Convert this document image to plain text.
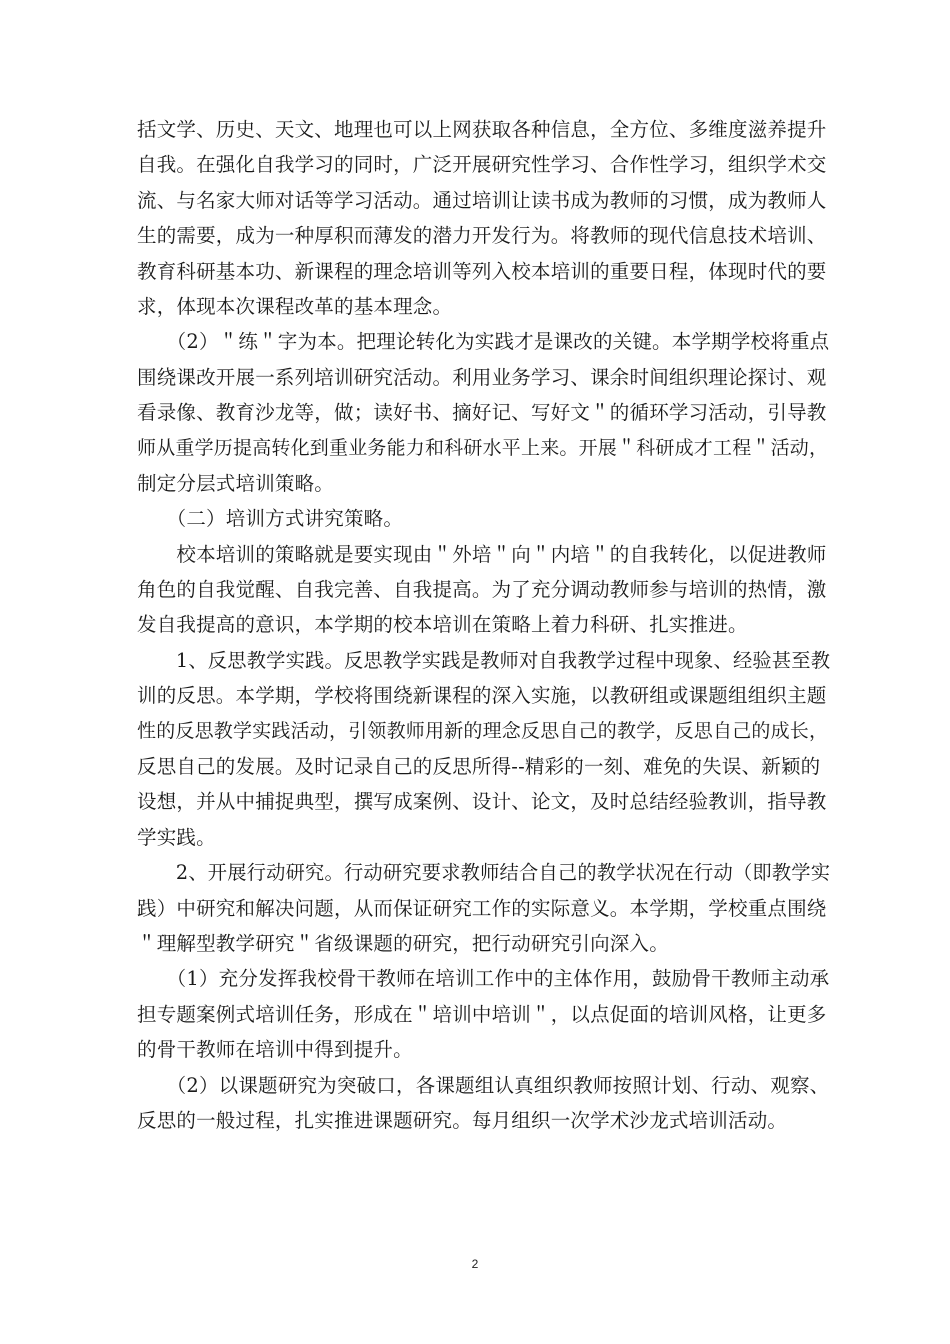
括文学、历史、天文、地理也可以上网获取各种信息，全方位、多维度滋养提升
自我。在强化自我学习的同时，广泛开展研究性学习、合作性学习，组织学术交
流、与名家大师对话等学习活动。通过培训让读书成为教师的习惯，成为教师人
生的需要，成为一种厚积而薄发的潜力开发行为。将教师的现代信息技术培训、
教育科研基本功、新课程的理念培训等列入校本培训的重要日程，体现时代的要
求，体现本次课程改革的基本理念。
　　（2）＂练＂字为本。把理论转化为实践才是课改的关键。本学期学校将重点
围绕课改开展一系列培训研究活动。利用业务学习、课余时间组织理论探讨、观
看录像、教育沙龙等，做；读好书、摘好记、写好文＂的循环学习活动，引导教
师从重学历提高转化到重业务能力和科研水平上来。开展＂科研成才工程＂活动，
制定分层式培训策略。
　　（二）培训方式讲究策略。
　　校本培训的策略就是要实现由＂外培＂向＂内培＂的自我转化，以促进教师
角色的自我觉醒、自我完善、自我提高。为了充分调动教师参与培训的热情，激
发自我提高的意识，本学期的校本培训在策略上着力科研、扎实推进。
　　1、反思教学实践。反思教学实践是教师对自我教学过程中现象、经验甚至教
训的反思。本学期，学校将围绕新课程的深入实施，以教研组或课题组组织主题
性的反思教学实践活动，引领教师用新的理念反思自己的教学，反思自己的成长，
反思自己的发展。及时记录自己的反思所得--精彩的一刻、难免的失误、新颖的
设想，并从中捕捉典型，撰写成案例、设计、论文，及时总结经验教训，指导教
学实践。
　　2、开展行动研究。行动研究要求教师结合自己的教学状况在行动（即教学实
践）中研究和解决问题，从而保证研究工作的实际意义。本学期，学校重点围绕
＂理解型教学研究＂省级课题的研究，把行动研究引向深入。
　　（1）充分发挥我校骨干教师在培训工作中的主体作用，鼓励骨干教师主动承
担专题案例式培训任务，形成在＂培训中培训＂，以点促面的培训风格，让更多
的骨干教师在培训中得到提升。
　　（2）以课题研究为突破口，各课题组认真组织教师按照计划、行动、观察、
反思的一般过程，扎实推进课题研究。每月组织一次学术沙龙式培训活动。
2
